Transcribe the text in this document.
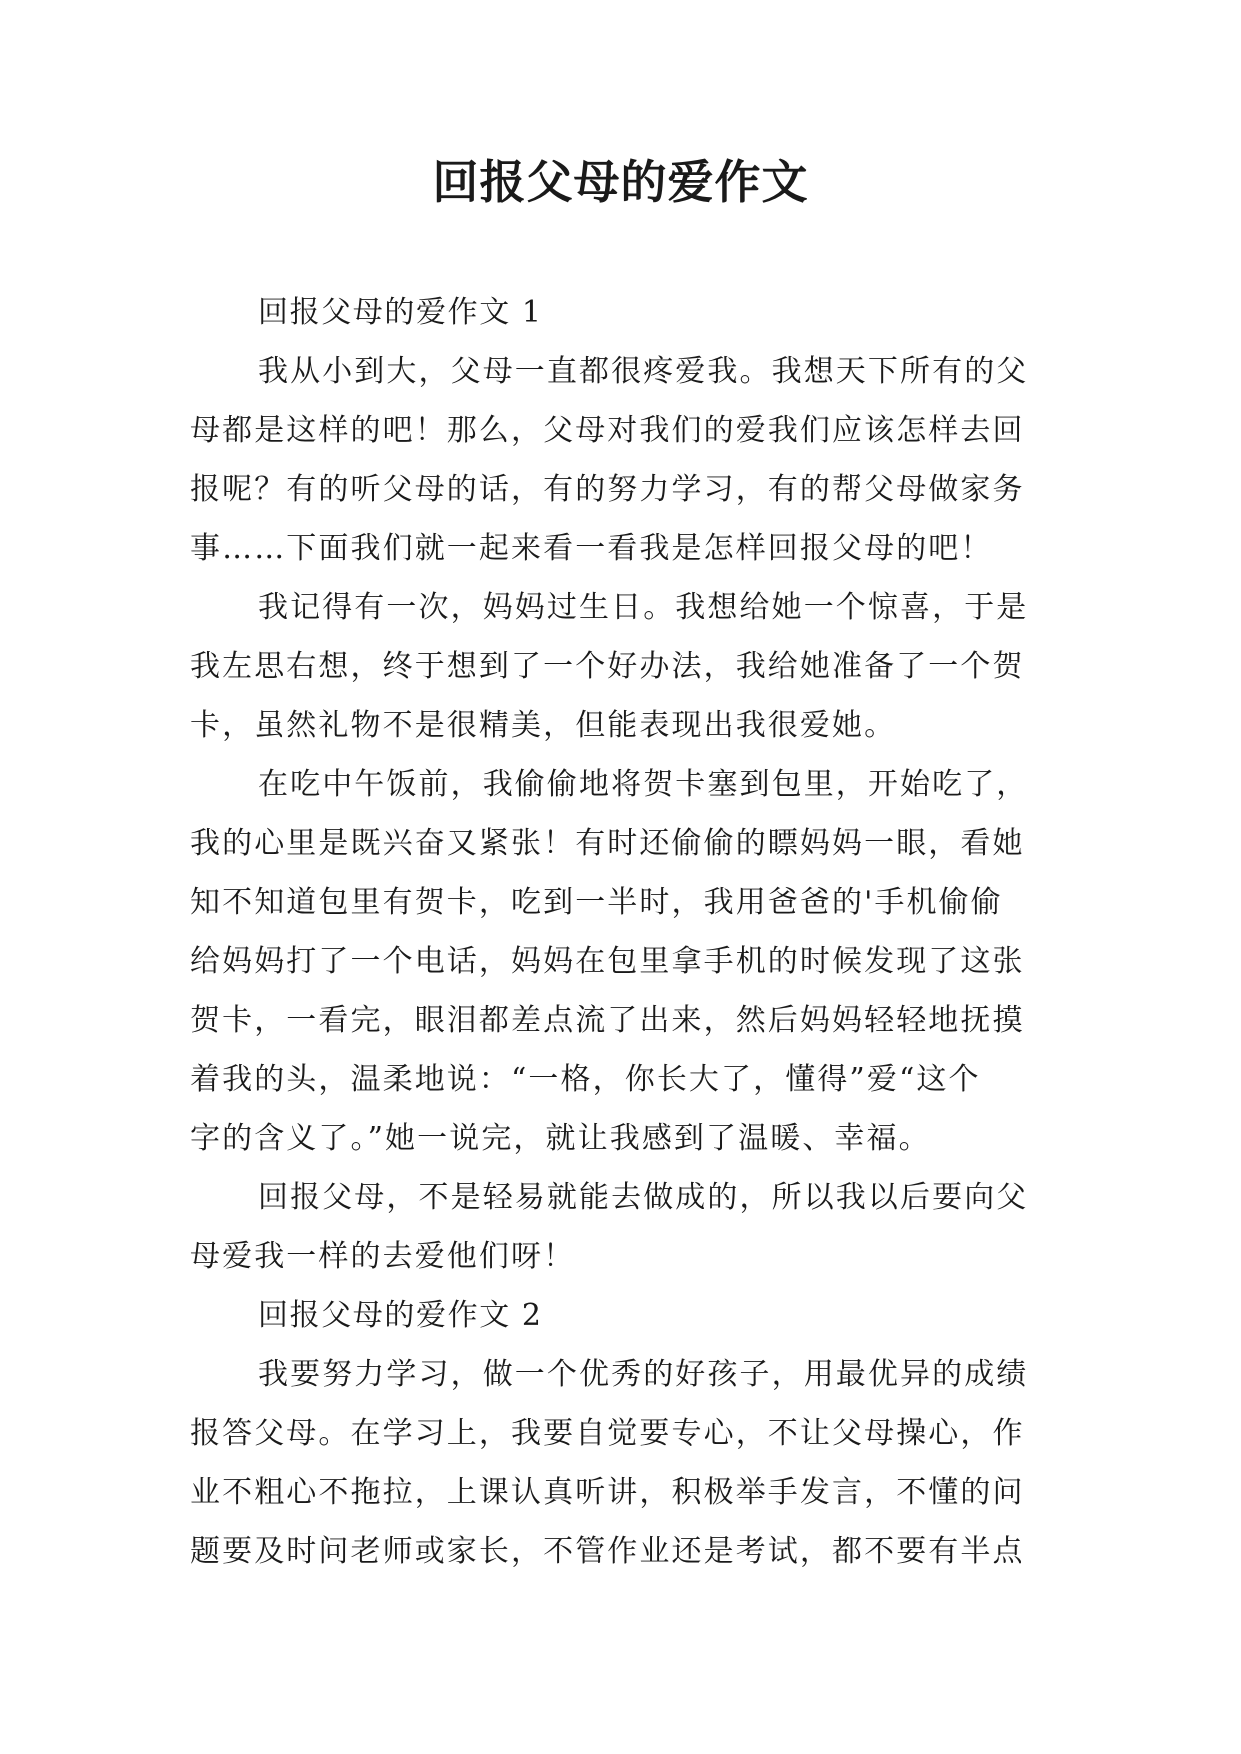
回报父母的爱作文

回报父母的爱作文 1

我从小到大，父母一直都很疼爱我。我想天下所有的父
母都是这样的吧！那么，父母对我们的爱我们应该怎样去回
报呢？有的听父母的话，有的努力学习，有的帮父母做家务
事……下面我们就一起来看一看我是怎样回报父母的吧！
我记得有一次，妈妈过生日。我想给她一个惊喜，于是
我左思右想，终于想到了一个好办法，我给她准备了一个贺
卡，虽然礼物不是很精美，但能表现出我很爱她。
在吃中午饭前，我偷偷地将贺卡塞到包里，开始吃了，
我的心里是既兴奋又紧张！有时还偷偷的瞟妈妈一眼，看她
知不知道包里有贺卡，吃到一半时，我用爸爸的'手机偷偷
给妈妈打了一个电话，妈妈在包里拿手机的时候发现了这张
贺卡，一看完，眼泪都差点流了出来，然后妈妈轻轻地抚摸
着我的头，温柔地说：“一格，你长大了，懂得”爱“这个
字的含义了。”她一说完，就让我感到了温暖、幸福。
回报父母，不是轻易就能去做成的，所以我以后要向父
母爱我一样的去爱他们呀！

回报父母的爱作文 2

我要努力学习，做一个优秀的好孩子，用最优异的成绩
报答父母。在学习上，我要自觉要专心，不让父母操心，作
业不粗心不拖拉，上课认真听讲，积极举手发言，不懂的问
题要及时问老师或家长，不管作业还是考试，都不要有半点
